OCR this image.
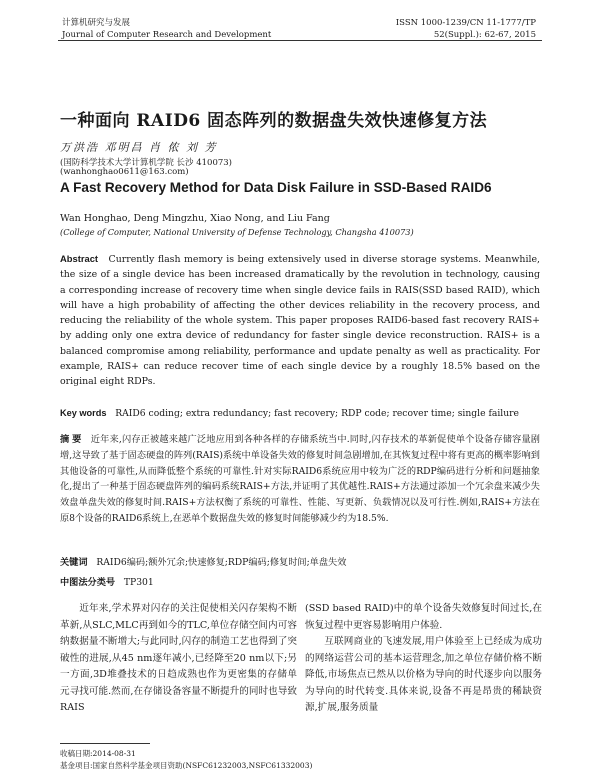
计算机研究与发展
Journal of Computer Research and Development
ISSN 1000-1239/CN 11-1777/TP
52(Suppl.): 62-67, 2015
一种面向 RAID6 固态阵列的数据盘失效快速修复方法
万洪浩 邓明昌 肖 侬 刘 芳
(国防科学技术大学计算机学院 长沙 410073)
(wanhonghao0611@163.com)
A Fast Recovery Method for Data Disk Failure in SSD-Based RAID6
Wan Honghao, Deng Mingzhu, Xiao Nong, and Liu Fang
(College of Computer, National University of Defense Technology, Changsha 410073)
Abstract Currently flash memory is being extensively used in diverse storage systems. Meanwhile, the size of a single device has been increased dramatically by the revolution in technology, causing a corresponding increase of recovery time when single device fails in RAIS(SSD based RAID), which will have a high probability of affecting the other devices reliability in the recovery process, and reducing the reliability of the whole system. This paper proposes RAID6-based fast recovery RAIS+ by adding only one extra device of redundancy for faster single device reconstruction. RAIS+ is a balanced compromise among reliability, performance and update penalty as well as practicality. For example, RAIS+ can reduce recover time of each single device by a roughly 18.5% based on the original eight RDPs.
Key words RAID6 coding; extra redundancy; fast recovery; RDP code; recover time; single failure
摘 要 近年来,闪存正被越来越广泛地应用到各种各样的存储系统当中.同时,闪存技术的革新促使单个设备存储容量剧增,这导致了基于固态硬盘的阵列(RAIS)系统中单设备失效的修复时间急剧增加,在其恢复过程中将有更高的概率影响到其他设备的可靠性,从而降低整个系统的可靠性.针对实际RAID6系统应用中较为广泛的RDP编码进行分析和问题抽象化,提出了一种基于固态硬盘阵列的编码系统RAIS+方法,并证明了其优越性.RAIS+方法通过添加一个冗余盘来减少失效盘单盘失效的修复时间.RAIS+方法权衡了系统的可靠性、性能、写更新、负载情况以及可行性.例如,RAIS+方法在原8个设备的RAID6系统上,在恶单个数据盘失效的修复时间能够减少约为18.5%.
关键词 RAID6编码;额外冗余;快速修复;RDP编码;修复时间;单盘失效
中图法分类号 TP301

近年来,学术界对闪存的关注促使相关闪存架构不断革新,从SLC,MLC再到如今的TLC,单位存储空间内可容纳数据量不断增大;与此同时,闪存的制造工艺也得到了突破性的进展,从45 nm逐年减小,已经降至20 nm以下;另一方面,3D堆叠技术的日趋成熟也作为更密集的存储单元寻找可能.然而,在存储设备容量不断提升的同时也导致RAIS

(SSD based RAID)中的单个设备失效修复时间过长,在恢复过程中更容易影响用户体验.

互联网商业的飞速发展,用户体验至上已经成为成功的网络运营公司的基本运营理念,加之单位存储价格不断降低,市场焦点已然从以价格为导向的时代逐步向以服务为导向的时代转变.具体来说,设备不再是昂贵的稀缺资源,扩展,服务质量

收稿日期:2014-08-31
基金项目:国家自然科学基金项目资助(NSFC61232003,NSFC61332003)
